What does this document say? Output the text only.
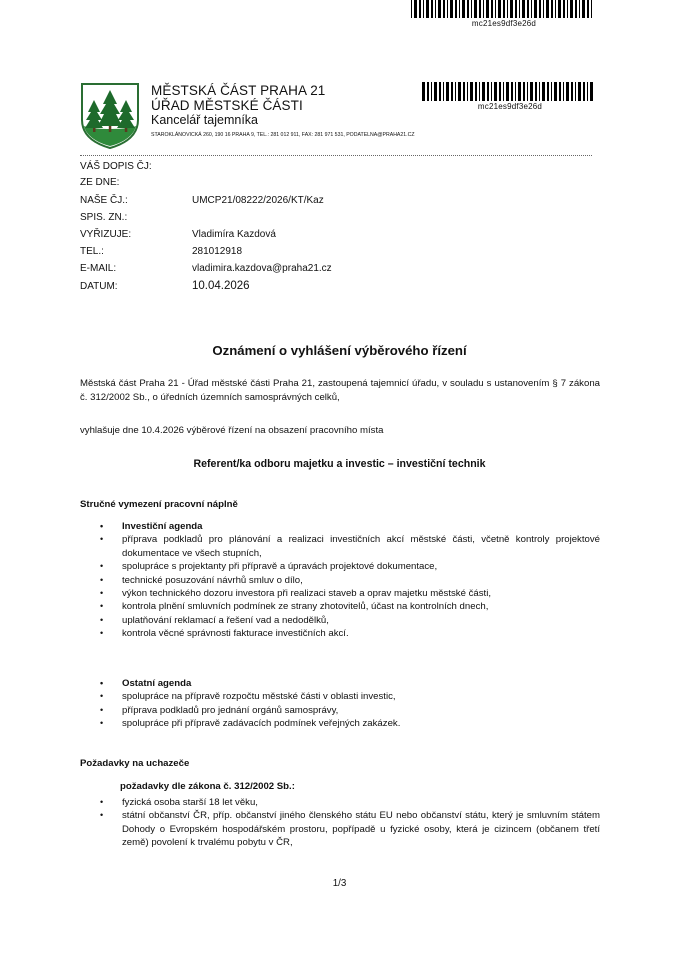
mc21es9df3e26d
MĚSTSKÁ ČÁST PRAHA 21
ÚŘAD MĚSTSKÉ ČÁSTI
Kancelář tajemníka
STAROKLÁNOVICKÁ 260, 190 16 PRAHA 9, TEL.: 281 012 911, FAX: 281 971 531, PODATELNA@PRAHA21.CZ
mc21es9df3e26d
VÁŠ DOPIS ČJ:
ZE DNE:
NAŠE ČJ.:	UMCP21/08222/2026/KT/Kaz
SPIS. ZN.:
VYŘIZUJE:	Vladimíra Kazdová
TEL.:	281012918
E-MAIL:	vladimira.kazdova@praha21.cz
DATUM:	10.04.2026
Oznámení o vyhlášení výběrového řízení
Městská část Praha 21 - Úřad městské části Praha 21, zastoupená tajemnicí úřadu, v souladu s ustanovením § 7 zákona č. 312/2002 Sb., o úředních územních samosprávných celků,
vyhlašuje dne 10.4.2026 výběrové řízení na obsazení pracovního místa
Referent/ka odboru majetku a investic – investiční technik
Stručné vymezení pracovní náplně
• Investiční agenda
• příprava podkladů pro plánování a realizaci investičních akcí městské části, včetně kontroly projektové dokumentace ve všech stupních,
• spolupráce s projektanty při přípravě a úpravách projektové dokumentace,
• technické posuzování návrhů smluv o dílo,
• výkon technického dozoru investora při realizaci staveb a oprav majetku městské části,
• kontrola plnění smluvních podmínek ze strany zhotovitelů, účast na kontrolních dnech,
• uplatňování reklamací a řešení vad a nedodělků,
• kontrola věcné správnosti fakturace investičních akcí.
• Ostatní agenda
• spolupráce na přípravě rozpočtu městské části v oblasti investic,
• příprava podkladů pro jednání orgánů samosprávy,
• spolupráce při přípravě zadávacích podmínek veřejných zakázek.
Požadavky na uchazeče
požadavky dle zákona č. 312/2002 Sb.:
• fyzická osoba starší 18 let věku,
• státní občanství ČR, příp. občanství jiného členského státu EU nebo občanství státu, který je smluvním státem Dohody o Evropském hospodářském prostoru, popřípadě u fyzické osoby, která je cizincem (občanem třetí země) povolení k trvalému pobytu v ČR,
1/3
